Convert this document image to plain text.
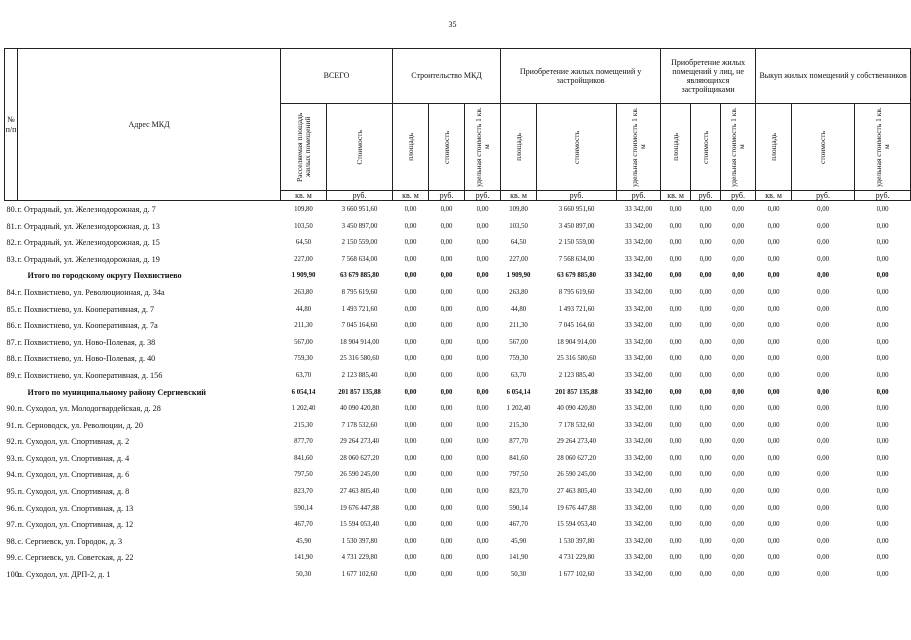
35
№
п/п	Адрес МКД	ВСЕГО		Строительство МКД			Приобретение жилых помещений у застройщиков			Приобретение жилых помещений у лиц, не являющихся застройщиками			Выкуп жилых помещений у собственников		

		Расселяемая площадь жилых помещений	Стоимость	площадь	стоимость	удельная стоимость 1 кв. м	площадь	стоимость	удельная стоимость 1 кв. м	площадь	стоимость	удельная стоимость 1 кв. м	площадь	стоимость	удельная стоимость 1 кв. м

		кв. м	руб.	кв. м	руб.	руб.	кв. м	руб.	руб.	кв. м	руб.	руб.	кв. м	руб.	руб.
80.	г. Отрадный, ул. Железнодорожная, д. 7	109,80	3 660 951,60	0,00	0,00	0,00	109,80	3 660 951,60	33 342,00	0,00	0,00	0,00	0,00	0,00	0,00
81.	г. Отрадный, ул. Железнодорожная, д. 13	103,50	3 450 897,00	0,00	0,00	0,00	103,50	3 450 897,00	33 342,00	0,00	0,00	0,00	0,00	0,00	0,00
82.	г. Отрадный, ул. Железнодорожная, д. 15	64,50	2 150 559,00	0,00	0,00	0,00	64,50	2 150 559,00	33 342,00	0,00	0,00	0,00	0,00	0,00	0,00
83.	г. Отрадный, ул. Железнодорожная, д. 19	227,00	7 568 634,00	0,00	0,00	0,00	227,00	7 568 634,00	33 342,00	0,00	0,00	0,00	0,00	0,00	0,00
	Итого по городскому округу Похвистнево	1 909,90	63 679 885,80	0,00	0,00	0,00	1 909,90	63 679 885,80	33 342,00	0,00	0,00	0,00	0,00	0,00	0,00
84.	г. Похвистнево, ул. Революционная, д. 34а	263,80	8 795 619,60	0,00	0,00	0,00	263,80	8 795 619,60	33 342,00	0,00	0,00	0,00	0,00	0,00	0,00
85.	г. Похвистнево, ул. Кооперативная, д. 7	44,80	1 493 721,60	0,00	0,00	0,00	44,80	1 493 721,60	33 342,00	0,00	0,00	0,00	0,00	0,00	0,00
86.	г. Похвистнево, ул. Кооперативная, д. 7а	211,30	7 045 164,60	0,00	0,00	0,00	211,30	7 045 164,60	33 342,00	0,00	0,00	0,00	0,00	0,00	0,00
87.	г. Похвистнево, ул. Ново-Полевая, д. 38	567,00	18 904 914,00	0,00	0,00	0,00	567,00	18 904 914,00	33 342,00	0,00	0,00	0,00	0,00	0,00	0,00
88.	г. Похвистнево, ул. Ново-Полевая, д. 40	759,30	25 316 580,60	0,00	0,00	0,00	759,30	25 316 580,60	33 342,00	0,00	0,00	0,00	0,00	0,00	0,00
89.	г. Похвистнево, ул. Кооперативная, д. 156	63,70	2 123 885,40	0,00	0,00	0,00	63,70	2 123 885,40	33 342,00	0,00	0,00	0,00	0,00	0,00	0,00
	Итого по муниципальному району Сергиевский	6 054,14	201 857 135,88	0,00	0,00	0,00	6 054,14	201 857 135,88	33 342,00	0,00	0,00	0,00	0,00	0,00	0,00
90.	п. Суходол, ул. Молодогвардейская, д. 28	1 202,40	40 090 420,80	0,00	0,00	0,00	1 202,40	40 090 420,80	33 342,00	0,00	0,00	0,00	0,00	0,00	0,00
91.	п. Серноводск, ул. Революции, д. 20	215,30	7 178 532,60	0,00	0,00	0,00	215,30	7 178 532,60	33 342,00	0,00	0,00	0,00	0,00	0,00	0,00
92.	п. Суходол, ул. Спортивная, д. 2	877,70	29 264 273,40	0,00	0,00	0,00	877,70	29 264 273,40	33 342,00	0,00	0,00	0,00	0,00	0,00	0,00
93.	п. Суходол, ул. Спортивная, д. 4	841,60	28 060 627,20	0,00	0,00	0,00	841,60	28 060 627,20	33 342,00	0,00	0,00	0,00	0,00	0,00	0,00
94.	п. Суходол, ул. Спортивная, д. 6	797,50	26 590 245,00	0,00	0,00	0,00	797,50	26 590 245,00	33 342,00	0,00	0,00	0,00	0,00	0,00	0,00
95.	п. Суходол, ул. Спортивная, д. 8	823,70	27 463 805,40	0,00	0,00	0,00	823,70	27 463 805,40	33 342,00	0,00	0,00	0,00	0,00	0,00	0,00
96.	п. Суходол, ул. Спортивная, д. 13	590,14	19 676 447,88	0,00	0,00	0,00	590,14	19 676 447,88	33 342,00	0,00	0,00	0,00	0,00	0,00	0,00
97.	п. Суходол, ул. Спортивная, д. 12	467,70	15 594 053,40	0,00	0,00	0,00	467,70	15 594 053,40	33 342,00	0,00	0,00	0,00	0,00	0,00	0,00
98.	с. Сергиевск, ул. Городок, д. 3	45,90	1 530 397,80	0,00	0,00	0,00	45,90	1 530 397,80	33 342,00	0,00	0,00	0,00	0,00	0,00	0,00
99.	с. Сергиевск, ул. Советская, д. 22	141,90	4 731 229,80	0,00	0,00	0,00	141,90	4 731 229,80	33 342,00	0,00	0,00	0,00	0,00	0,00	0,00
100.	п. Суходол, ул. ДРП-2, д. 1	50,30	1 677 102,60	0,00	0,00	0,00	50,30	1 677 102,60	33 342,00	0,00	0,00	0,00	0,00	0,00	0,00
